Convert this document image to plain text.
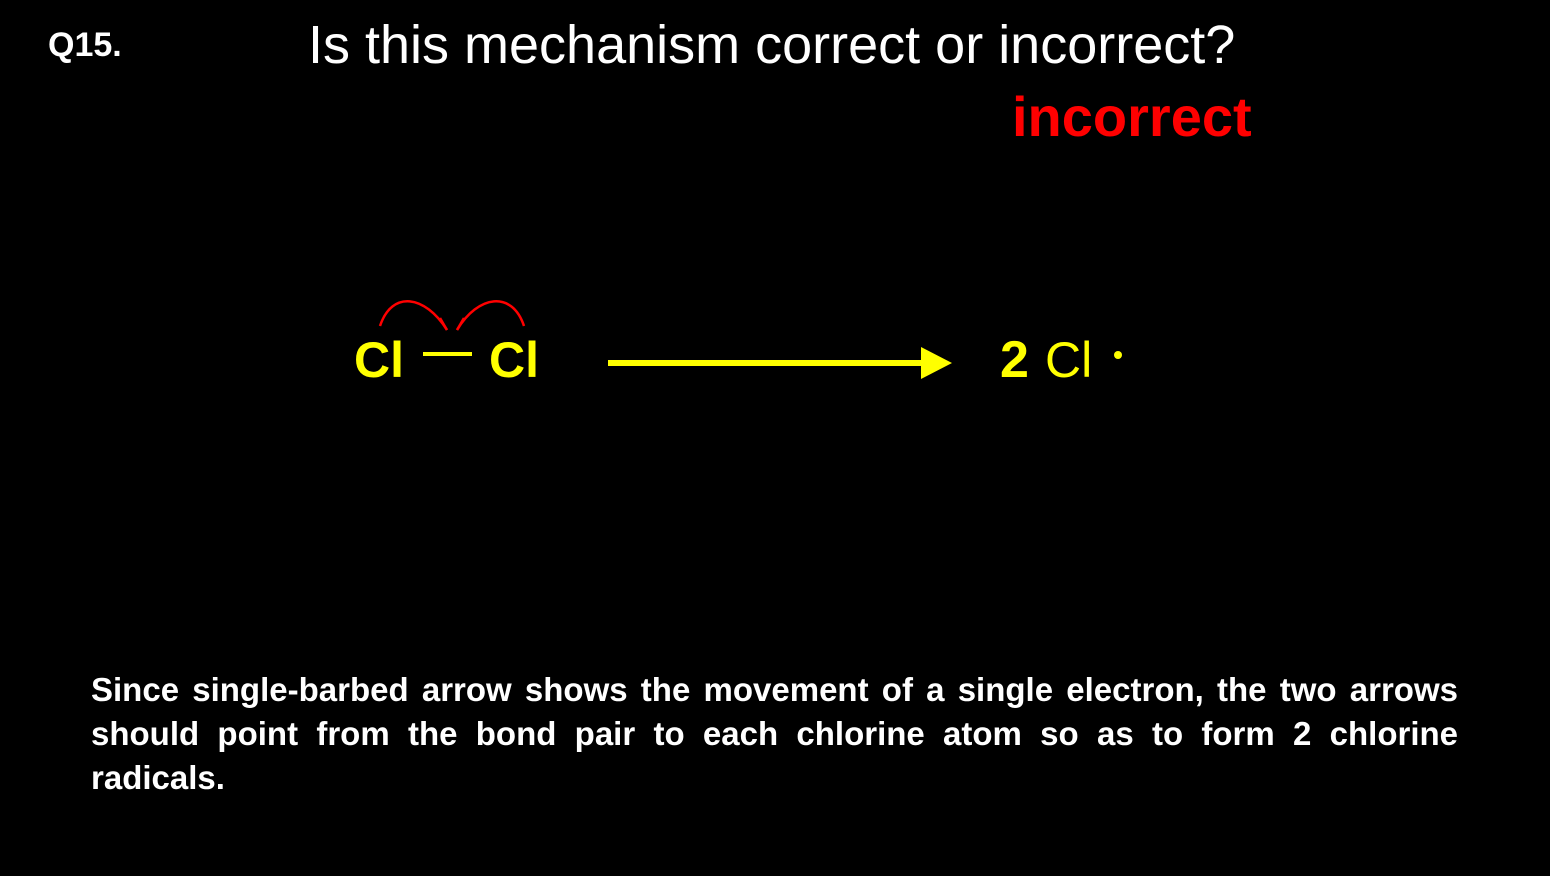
Q15.	Is this mechanism correct or incorrect?
incorrect
Cl Cl	2 Cl
Since single-barbed arrow shows the movement of a single electron, the two arrows should point from the bond pair to each chlorine atom so as to form 2 chlorine radicals.
